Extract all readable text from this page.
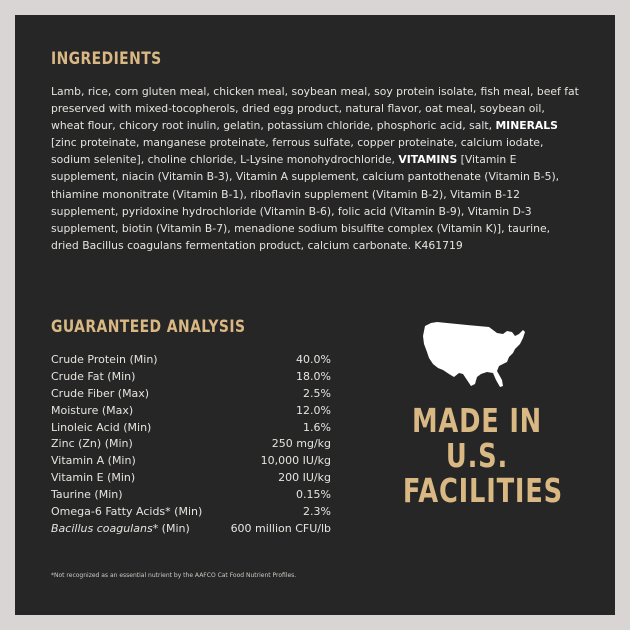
INGREDIENTS

Lamb, rice, corn gluten meal, chicken meal, soybean meal, soy protein isolate, fish meal, beef fat preserved with mixed-tocopherols, dried egg product, natural flavor, oat meal, soybean oil, wheat flour, chicory root inulin, gelatin, potassium chloride, phosphoric acid, salt, MINERALS [zinc proteinate, manganese proteinate, ferrous sulfate, copper proteinate, calcium iodate, sodium selenite], choline chloride, L-Lysine monohydrochloride, VITAMINS [Vitamin E supplement, niacin (Vitamin B-3), Vitamin A supplement, calcium pantothenate (Vitamin B-5), thiamine mononitrate (Vitamin B-1), riboflavin supplement (Vitamin B-2), Vitamin B-12 supplement, pyridoxine hydrochloride (Vitamin B-6), folic acid (Vitamin B-9), Vitamin D-3 supplement, biotin (Vitamin B-7), menadione sodium bisulfite complex (Vitamin K)], taurine, dried Bacillus coagulans fermentation product, calcium carbonate. K461719

GUARANTEED ANALYSIS
Crude Protein (Min)	40.0%
Crude Fat (Min)	18.0%
Crude Fiber (Max)	2.5%
Moisture (Max)	12.0%
Linoleic Acid (Min)	1.6%
Zinc (Zn) (Min)	250 mg/kg
Vitamin A (Min)	10,000 IU/kg
Vitamin E (Min)	200 IU/kg
Taurine (Min)	0.15%
Omega-6 Fatty Acids* (Min)	2.3%
Bacillus coagulans* (Min)	600 million CFU/lb
MADE IN
U.S.
FACILITIES

*Not recognized as an essential nutrient by the AAFCO Cat Food Nutrient Profiles.
